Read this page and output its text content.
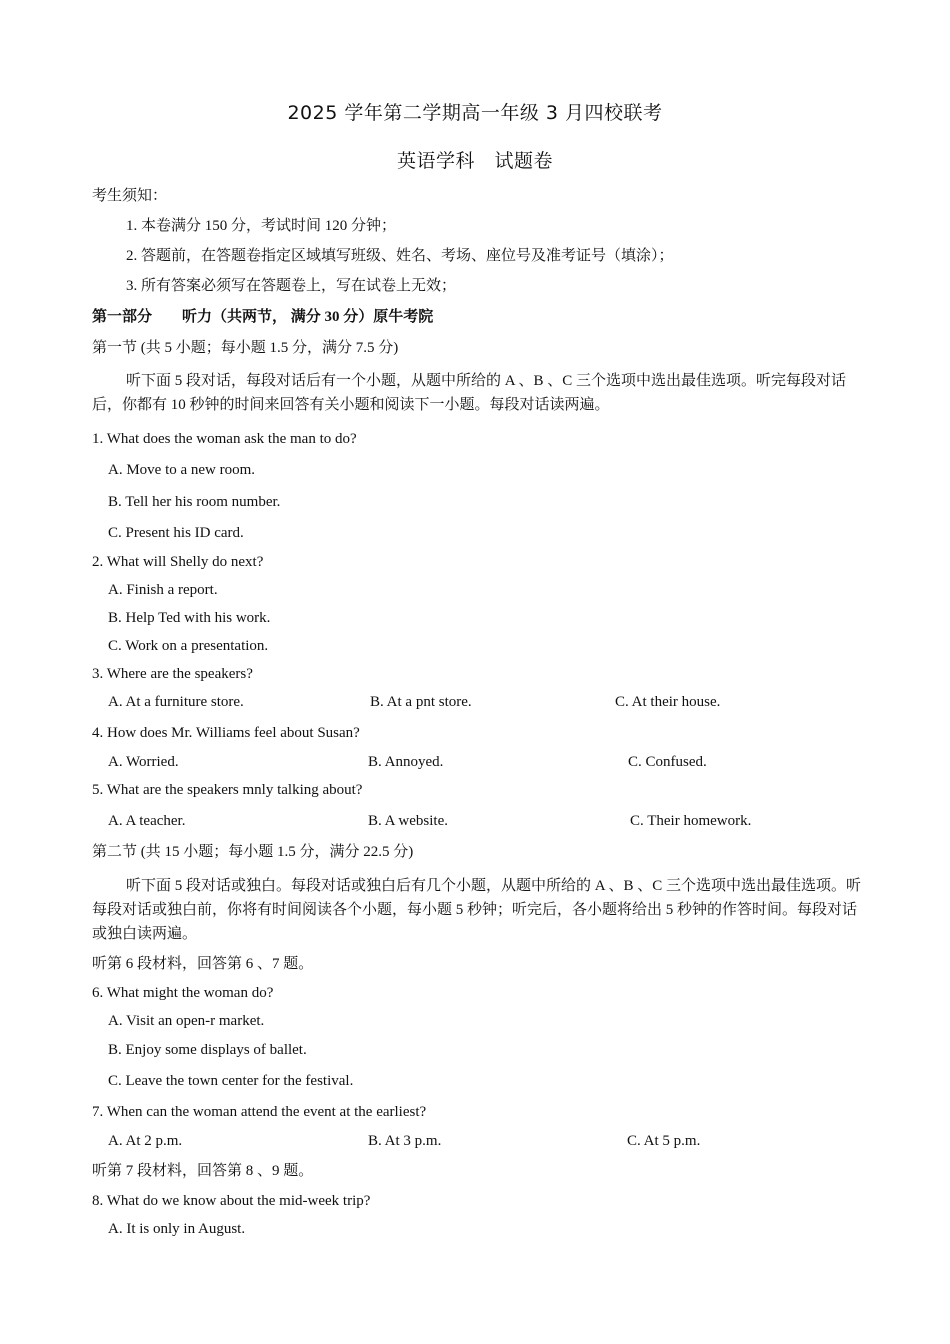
2025 学年第二学期高一年级 3 月四校联考
英语学科　试题卷
考生须知：
1. 本卷满分 150 分，考试时间 120 分钟；
2. 答题前，在答题卷指定区域填写班级、姓名、考场、座位号及准考证号（填涂）；
3. 所有答案必须写在答题卷上，写在试卷上无效；
第一部分　　听力（共两节， 满分 30 分）原牛考院
第一节 (共 5 小题；每小题 1.5 分，满分 7.5 分)
听下面 5 段对话，每段对话后有一个小题，从题中所给的 A 、B 、C 三个选项中选出最佳选项。听完每段对话后，你都有 10 秒钟的时间来回答有关小题和阅读下一小题。每段对话读两遍。
1. What does the woman ask the man to do?
A. Move to a new room.
B. Tell her his room number.
C. Present his ID card.
2. What will Shelly do next?
A. Finish a report.
B. Help Ted with his work.
C. Work on a presentation.
3. Where are the speakers?
A. At a furniture store.	B. At a pnt store.	C. At their house.
4. How does Mr. Williams feel about Susan?
A. Worried.	B. Annoyed.	C. Confused.
5. What are the speakers mnly talking about?
A. A teacher.	B. A website.	C. Their homework.
第二节 (共 15 小题；每小题 1.5 分，满分 22.5 分)
听下面 5 段对话或独白。每段对话或独白后有几个小题，从题中所给的 A 、B 、C 三个选项中选出最佳选项。听每段对话或独白前，你将有时间阅读各个小题，每小题 5 秒钟；听完后，各小题将给出 5 秒钟的作答时间。每段对话或独白读两遍。
听第 6 段材料，回答第 6 、7 题。
6. What might the woman do?
A. Visit an open-r market.
B. Enjoy some displays of ballet.
C. Leave the town center for the festival.
7. When can the woman attend the event at the earliest?
A. At 2 p.m.	B. At 3 p.m.	C. At 5 p.m.
听第 7 段材料，回答第 8 、9 题。
8. What do we know about the mid-week trip?
A. It is only in August.
